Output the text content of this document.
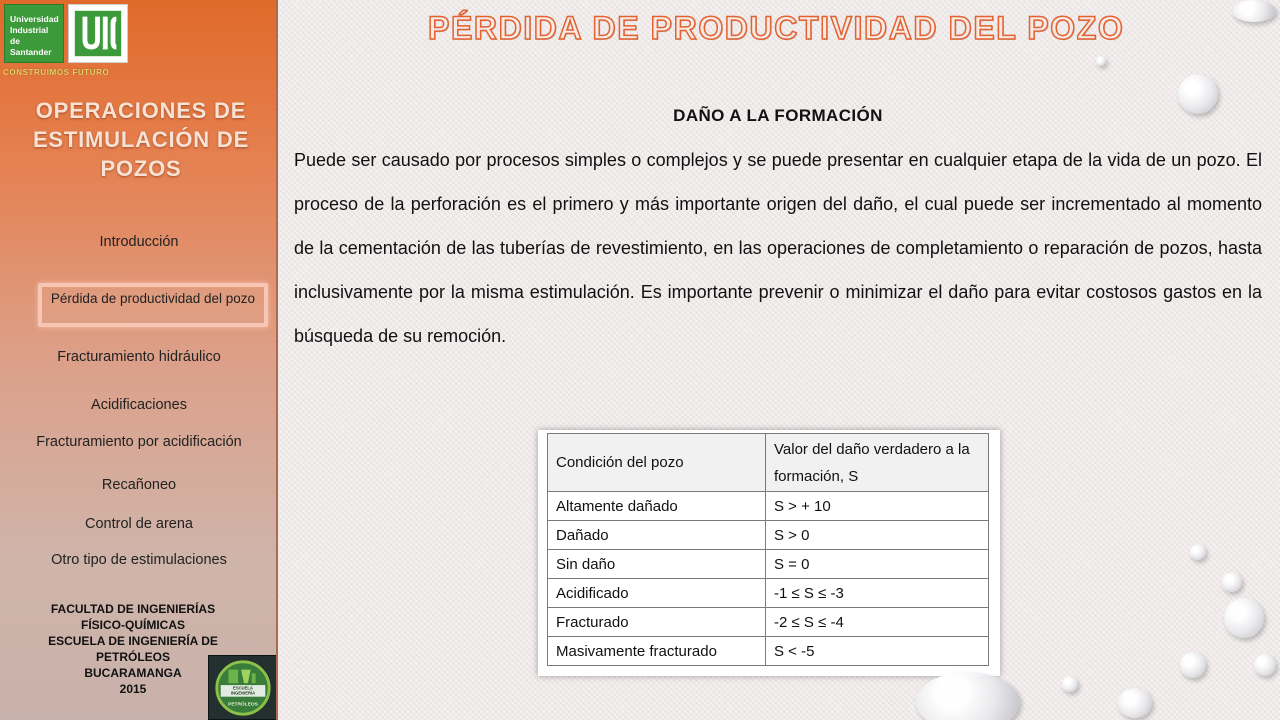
Universidad
Industrial de
Santander
CONSTRUIMOS FUTURO
OPERACIONES DE
ESTIMULACIÓN DE
POZOS
Introducción
Pérdida de productividad del pozo
Fracturamiento hidráulico
Acidificaciones
Fracturamiento por acidificación
Recañoneo
Control de arena
Otro tipo de estimulaciones
FACULTAD DE INGENIERÍAS
FÍSICO-QUÍMICAS
ESCUELA DE INGENIERÍA DE
PETRÓLEOS
BUCARAMANGA
2015	ESCUELA
INGENIERÍA
PETRÓLEOS
PÉRDIDA DE PRODUCTIVIDAD DEL POZO
DAÑO A LA FORMACIÓN
Puede ser causado por procesos simples o complejos y se puede presentar en cualquier etapa de la vida de un pozo. El proceso de la perforación es el primero y más importante origen del daño, el cual puede ser incrementado al momento de la cementación de las tuberías de revestimiento, en las operaciones de completamiento o reparación de pozos, hasta inclusivamente por la misma estimulación. Es importante prevenir o minimizar el daño para evitar costosos gastos en la búsqueda de su remoción.
Condición del pozo	Valor del daño verdadero a la formación, S
Altamente dañado	S > + 10
Dañado	S > 0
Sin daño	S = 0
Acidificado	-1 ≤ S ≤ -3
Fracturado	-2 ≤ S ≤ -4
Masivamente fracturado	S < -5
